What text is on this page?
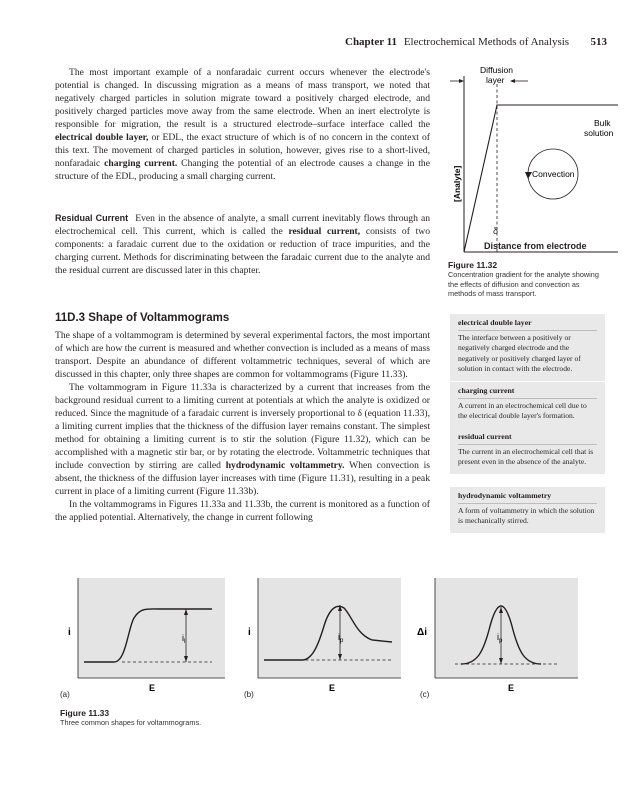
Chapter 11 Electrochemical Methods of Analysis 513

The most important example of a nonfaradaic current occurs whenever the electrode's potential is changed. In discussing migration as a means of mass transport, we noted that negatively charged particles in solution migrate toward a positively charged electrode, and positively charged particles move away from the same electrode. When an inert electrolyte is responsible for migration, the result is a structured electrode–surface interface called the electrical double layer, or EDL, the exact structure of which is of no concern in the context of this text. The movement of charged particles in solution, however, gives rise to a short-lived, nonfaradaic charging current. Changing the potential of an electrode causes a change in the structure of the EDL, producing a small charging current.

Residual Current Even in the absence of analyte, a small current inevitably flows through an electrochemical cell. This current, which is called the residual current, consists of two components: a faradaic current due to the oxidation or reduction of trace impurities, and the charging current. Methods for discriminating between the faradaic current due to the analyte and the residual current are discussed later in this chapter.

11D.3 Shape of Voltammograms

The shape of a voltammogram is determined by several experimental factors, the most important of which are how the current is measured and whether convection is included as a means of mass transport. Despite an abundance of different voltammetric techniques, several of which are discussed in this chapter, only three shapes are common for voltammograms (Figure 11.33).

The voltammogram in Figure 11.33a is characterized by a current that increases from the background residual current to a limiting current at potentials at which the analyte is oxidized or reduced. Since the magnitude of a faradaic current is inversely proportional to δ (equation 11.33), a limiting current implies that the thickness of the diffusion layer remains constant. The simplest method for obtaining a limiting current is to stir the solution (Figure 11.32), which can be accomplished with a magnetic stir bar, or by rotating the electrode. Voltammetric techniques that include convection by stirring are called hydrodynamic voltammetry. When convection is absent, the thickness of the diffusion layer increases with time (Figure 11.31), resulting in a peak current in place of a limiting current (Figure 11.33b).

In the voltammograms in Figures 11.33a and 11.33b, the current is monitored as a function of the applied potential. Alternatively, the change in current following

Diffusion
layer
Bulk
solution
Convection
[Analyte]
δ
Distance from electrode
Figure 11.32
Concentration gradient for the analyte showing the effects of diffusion and convection as methods of mass transport.
electrical double layer

The interface between a positively or negatively charged electrode and the negatively or positively charged layer of solution in contact with the electrode.

charging current

A current in an electrochemical cell due to the electrical double layer's formation.

residual current

The current in an electrochemical cell that is present even in the absence of the analyte.

hydrodynamic voltammetry

A form of voltammetry in which the solution is mechanically stirred.

$i_l$
i
E
$i_p$
i
E
$i_p$
Δi
E
(a)	(b)	(c)
Figure 11.33
Three common shapes for voltammograms.
